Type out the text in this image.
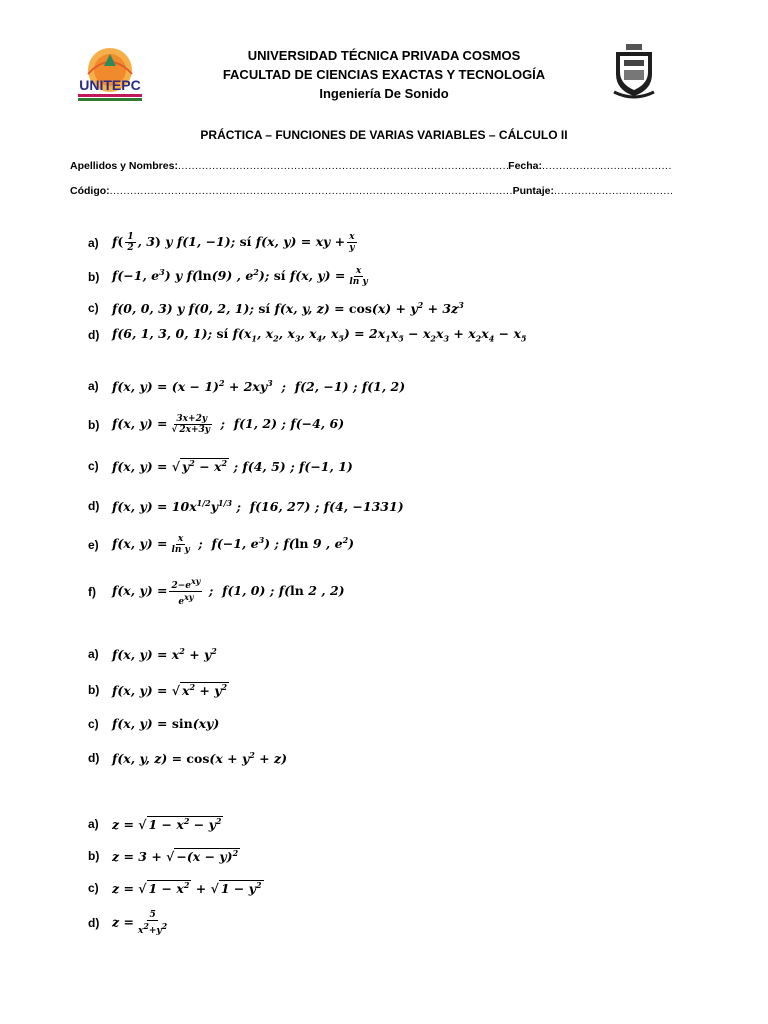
UNITEPC
UNIVERSIDAD TÉCNICA PRIVADA COSMOS
FACULTAD DE CIENCIAS EXACTAS Y TECNOLOGÍA
Ingeniería De Sonido
PRÁCTICA – FUNCIONES DE VARIAS VARIABLES – CÁLCULO II
Apellidos y Nombres: .....	Fecha:
.....
Código: .....	Puntaje:
.....
a)	$f( \frac{1}{2}$ , 3) y f(1, −1); sí f(x, y) = xy + $\frac{x}{y}$
b)	f(−1, $e^3$) y f(ln(9) , $e^2$); sí f(x, $y) = \frac{x}{\text{ln y}}$
c)	f(0, 0, 3) y f(0, 2, 1); sí f(x, y, $z) = \cos(x) + y^2 + 3z^3$
d)	f(6, 1, 3, 0, 1); sí $f(x_1$, $x_2$, $x_3$, $x_4$, $x_5) = 2x_1x_5 - x_2x_3 + x_2x_4 - x_5$
a)	f(x, $y) = (x - 1)^2 + 2xy^3$  ;  f(2, −1) ; f(1, 2)
b)	f(x, $y) = \frac{3x+2y}{√ 2x+3y}$ ;  f(1, 2) ; f(−4, 6)
c)	f(x, y) = √ $y^2 - x^2$ ; f(4, 5) ; f(−1, 1)
d)	f(x, $y) = 10x^{1/2}y^{1/3}$ ;  f(16, 27) ; f(4, −1331)
e)	f(x, $y) = \frac{x}{\text{ln y}}$ ;  f(−1, $e^3$) ; f(ln 9 , $e^2$)
f)	f(x, $y) = \frac{2-e^{xy}}{e^{xy}}$ ;  f(1, 0) ; f(ln 2 , 2)
a)	f(x, $y) = x^2 + y^2$
b)	f(x, y) = √ $x^2 + y^2$
c)	f(x, y) = sin(xy)
d)	f(x, y, $z) = \cos(x + y^2 + z)$
a)	z = √ $1 - x^2 - y^2$
b)	z = 3 + √ $-(x - y)^2$
c)	z = √ $1 - x^2$ + √ $1 - y^2$
d)	$z = \frac{5}{x^2+y^2}$
